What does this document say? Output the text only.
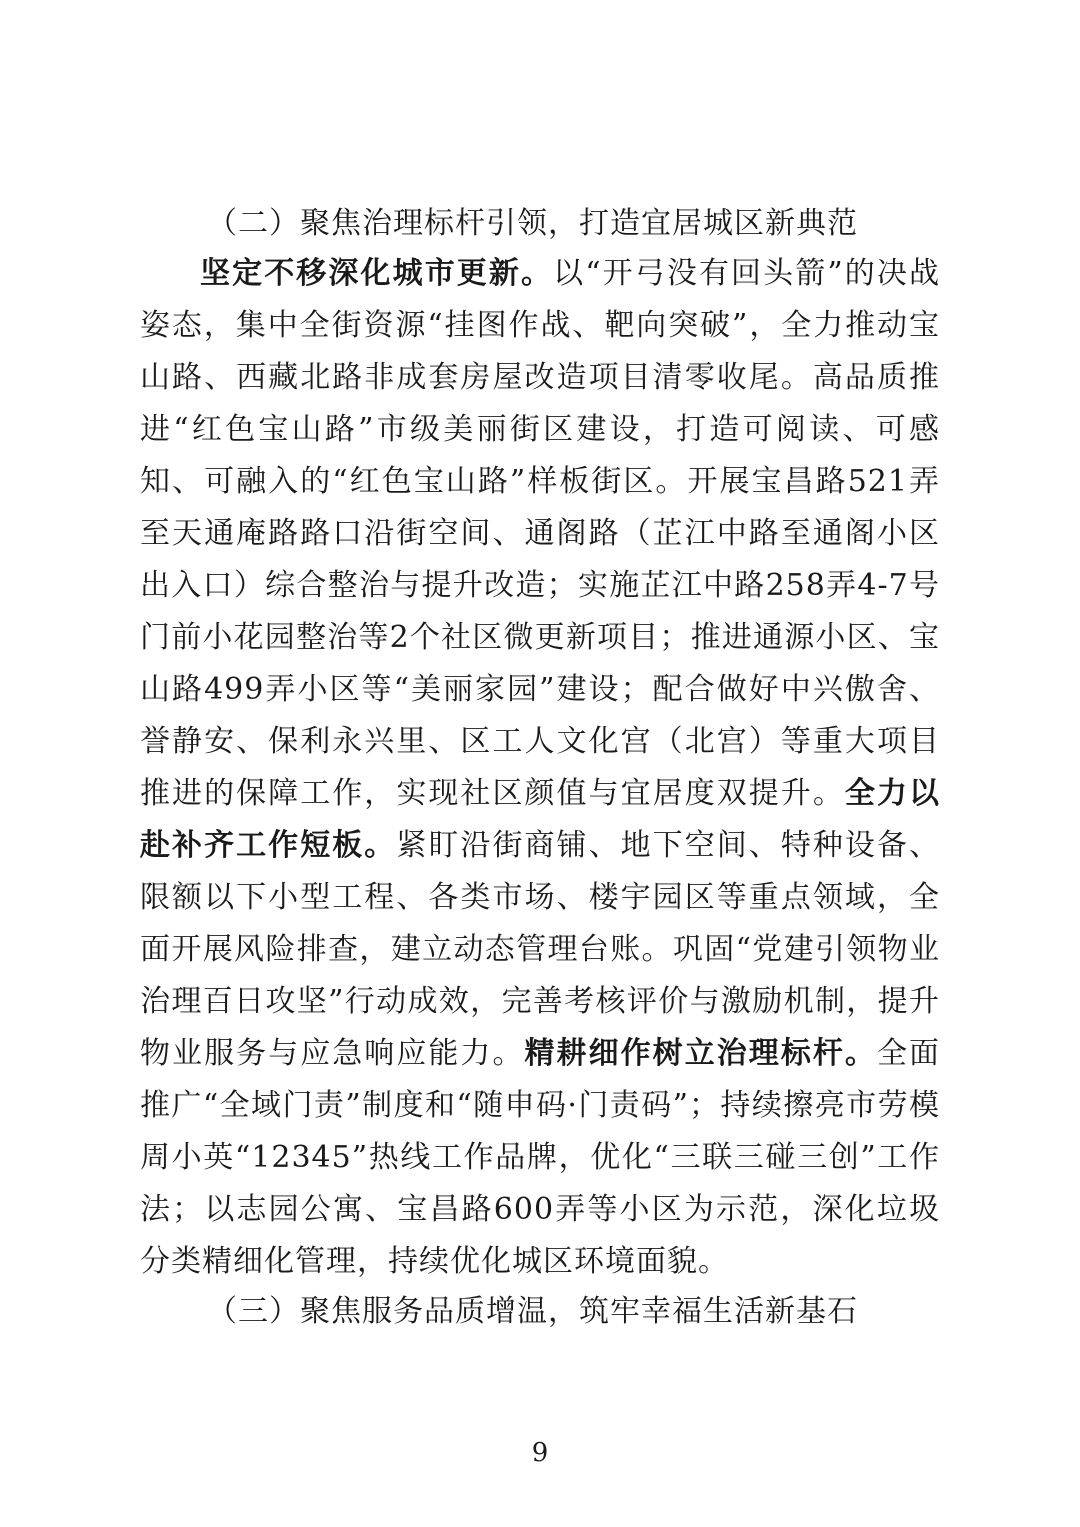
（二）聚焦治理标杆引领，打造宜居城区新典范

坚定不移深化城市更新。以“开弓没有回头箭”的决战姿态，集中全街资源“挂图作战、靶向突破”，全力推动宝山路、西藏北路非成套房屋改造项目清零收尾。高品质推进“红色宝山路”市级美丽街区建设，打造可阅读、可感知、可融入的“红色宝山路”样板街区。开展宝昌路521弄至天通庵路路口沿街空间、通阁路（芷江中路至通阁小区出入口）综合整治与提升改造；实施芷江中路258弄4-7号门前小花园整治等2个社区微更新项目；推进通源小区、宝山路499弄小区等“美丽家园”建设；配合做好中兴傲舍、誉静安、保利永兴里、区工人文化宫（北宫）等重大项目推进的保障工作，实现社区颜值与宜居度双提升。全力以赴补齐工作短板。紧盯沿街商铺、地下空间、特种设备、限额以下小型工程、各类市场、楼宇园区等重点领域，全面开展风险排查，建立动态管理台账。巩固“党建引领物业治理百日攻坚”行动成效，完善考核评价与激励机制，提升物业服务与应急响应能力。精耕细作树立治理标杆。全面推广“全域门责”制度和“随申码·门责码”；持续擦亮市劳模周小英“12345”热线工作品牌，优化“三联三碰三创”工作法；以志园公寓、宝昌路600弄等小区为示范，深化垃圾分类精细化管理，持续优化城区环境面貌。

（三）聚焦服务品质增温，筑牢幸福生活新基石
9
